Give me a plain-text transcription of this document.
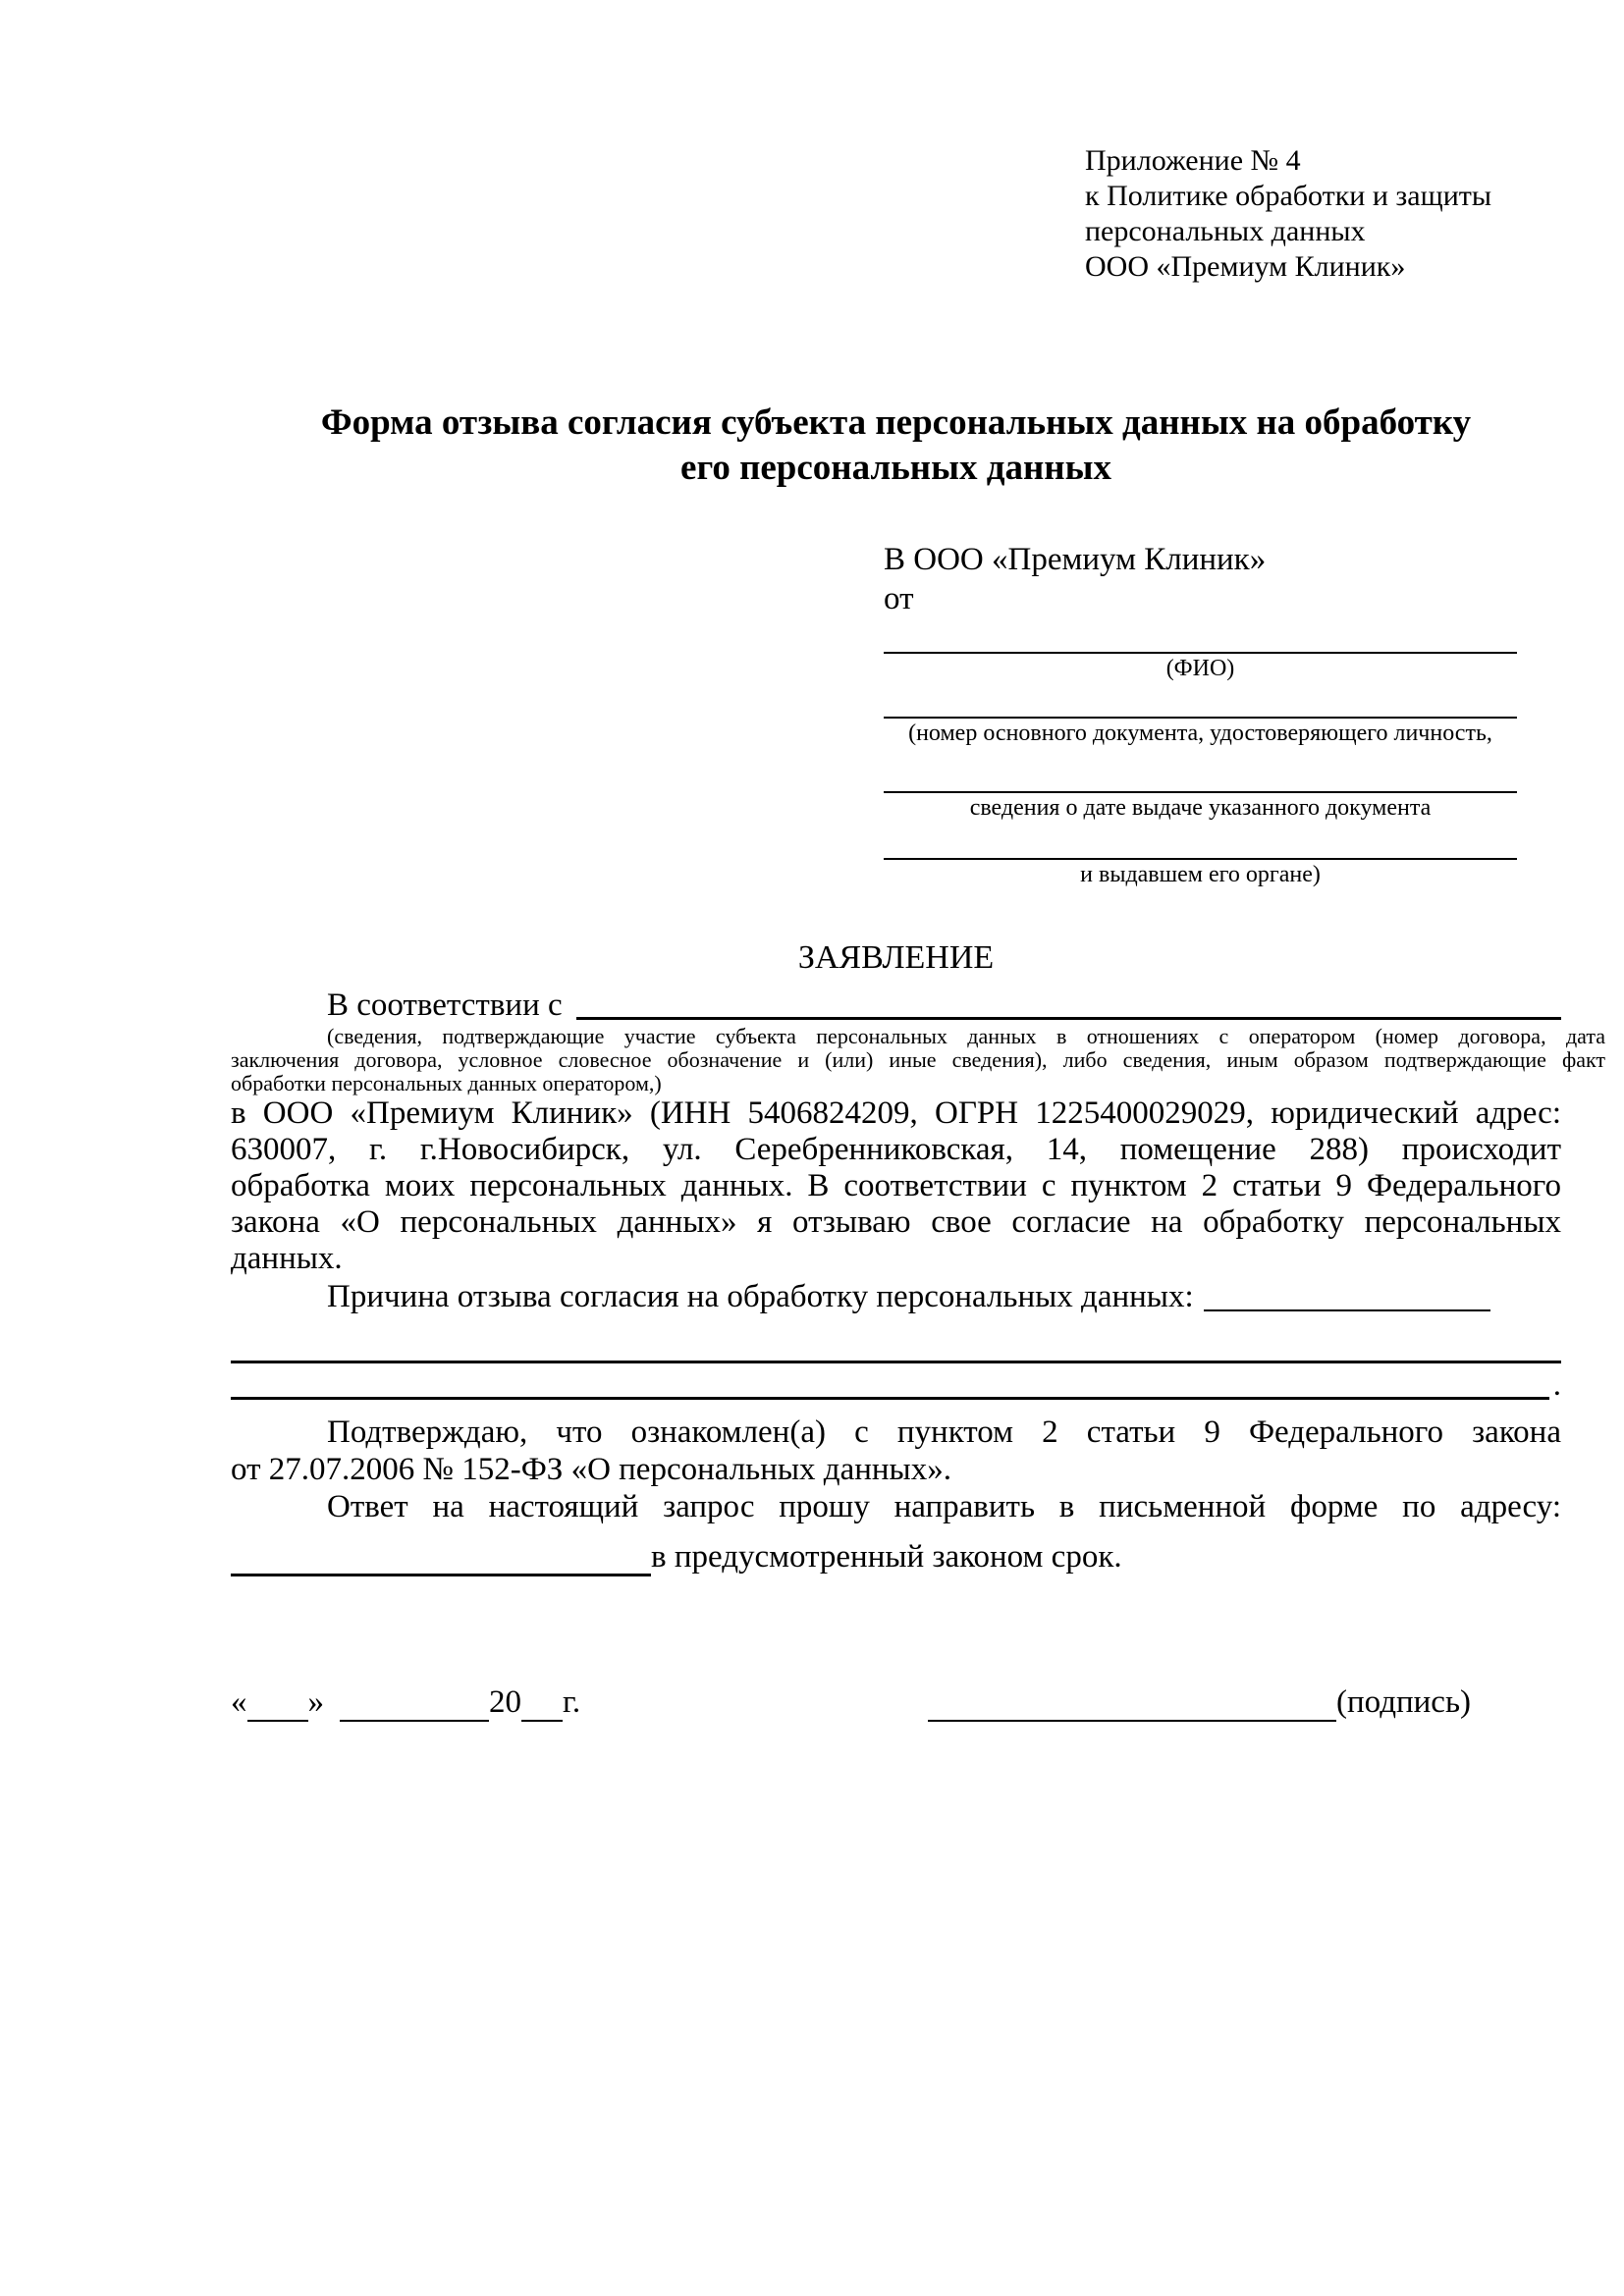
Приложение № 4
к Политике обработки и защиты
персональных данных
ООО «Премиум Клиник»
Форма отзыва согласия субъекта персональных данных на обработку
его персональных данных
В ООО «Премиум Клиник»
от
(ФИО)
(номер основного документа, удостоверяющего личность,
сведения о дате выдаче указанного документа
и выдавшем его органе)
ЗАЯВЛЕНИЕ
В соответствии с
(сведения, подтверждающие участие субъекта персональных данных в отношениях с оператором (номер договора, дата
заключения договора, условное словесное обозначение и (или) иные сведения), либо сведения, иным образом подтверждающие факт
обработки персональных данных оператором,)
в ООО «Премиум Клиник» (ИНН 5406824209, ОГРН 1225400029029, юридический адрес:
630007, г. г.Новосибирск, ул. Серебренниковская, 14, помещение 288) происходит
обработка моих персональных данных. В соответствии с пунктом 2 статьи 9 Федерального
закона «О персональных данных» я отзываю свое согласие на обработку персональных
данных.
Причина отзыва согласия на обработку персональных данных:
.
Подтверждаю, что ознакомлен(а) с пунктом 2 статьи 9 Федерального закона
от 27.07.2006 № 152-ФЗ «О персональных данных».
Ответ на настоящий запрос прошу направить в письменной форме по адресу:
в предусмотренный законом срок.
« »	20 г.	(подпись)
